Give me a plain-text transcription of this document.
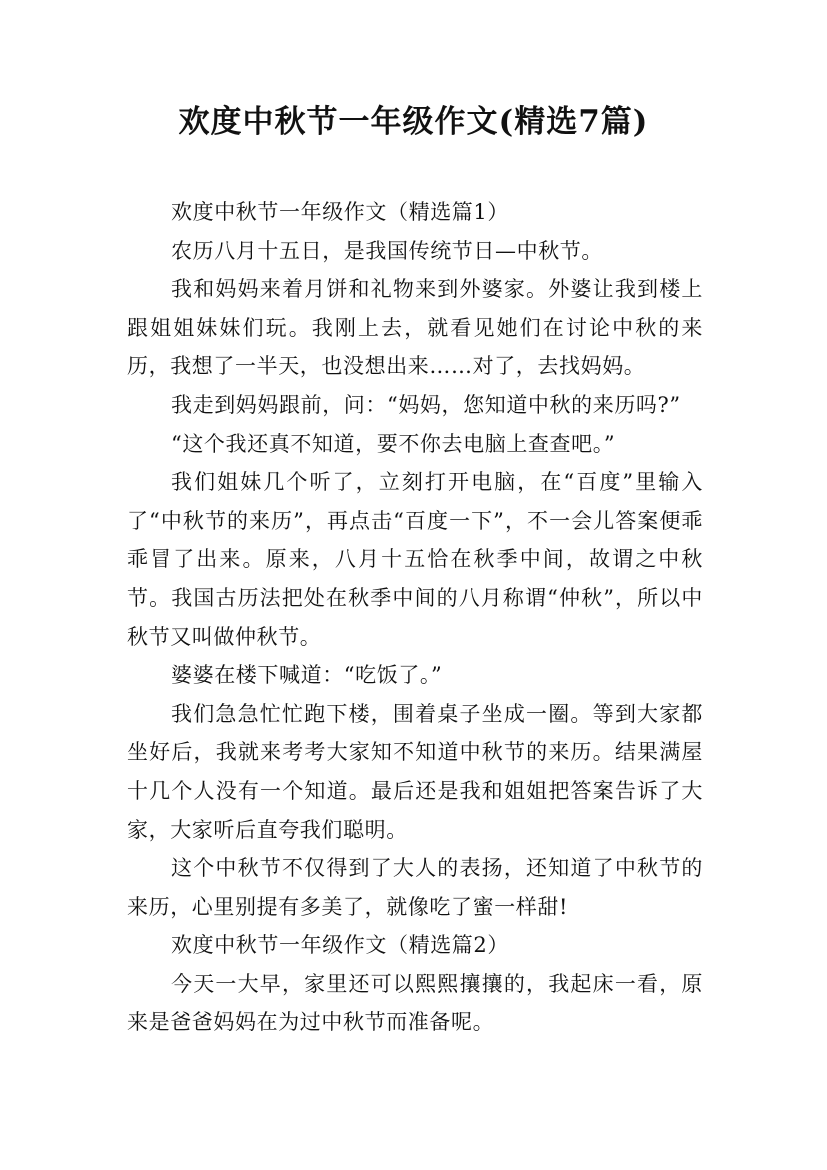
欢度中秋节一年级作文(精选7篇)

欢度中秋节一年级作文（精选篇1）

农历八月十五日，是我国传统节日—中秋节。

我和妈妈来着月饼和礼物来到外婆家。外婆让我到楼上跟姐姐妹妹们玩。我刚上去，就看见她们在讨论中秋的来历，我想了一半天，也没想出来……对了，去找妈妈。

我走到妈妈跟前，问：“妈妈，您知道中秋的来历吗?”

“这个我还真不知道，要不你去电脑上查查吧。”

我们姐妹几个听了，立刻打开电脑，在“百度”里输入了“中秋节的来历”，再点击“百度一下”，不一会儿答案便乖乖冒了出来。原来，八月十五恰在秋季中间，故谓之中秋节。我国古历法把处在秋季中间的八月称谓“仲秋”，所以中秋节又叫做仲秋节。

婆婆在楼下喊道：“吃饭了。”

我们急急忙忙跑下楼，围着桌子坐成一圈。等到大家都坐好后，我就来考考大家知不知道中秋节的来历。结果满屋十几个人没有一个知道。最后还是我和姐姐把答案告诉了大家，大家听后直夸我们聪明。

这个中秋节不仅得到了大人的表扬，还知道了中秋节的来历，心里别提有多美了，就像吃了蜜一样甜!

欢度中秋节一年级作文（精选篇2）

今天一大早，家里还可以熙熙攘攘的，我起床一看，原来是爸爸妈妈在为过中秋节而准备呢。
